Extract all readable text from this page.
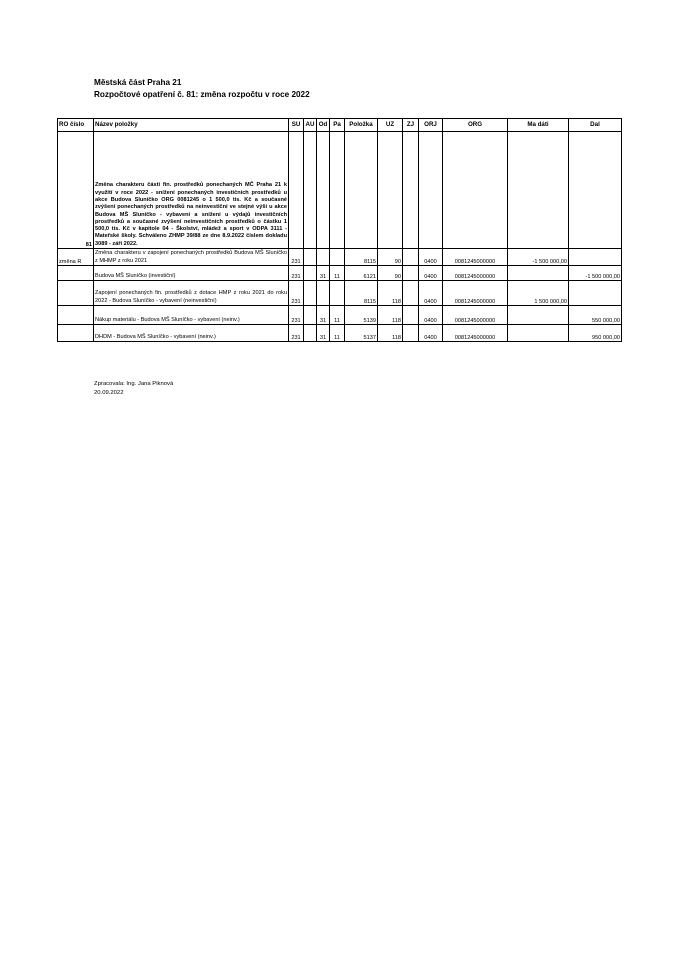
Městská část Praha 21
Rozpočtové opatření č. 81: změna rozpočtu v roce 2022
RO číslo	Název položky	SU	AU	Od	Pa	Položka	UZ	ZJ	ORJ	ORG	Ma dáti	Dal
81	Změna charakteru části fin. prostředků ponechaných MČ Praha 21 k využití v roce 2022 - snížení ponechaných investičních prostředků u akce Budova Sluníčko ORG 0081245 o 1 500,0 tis. Kč a současné zvýšení ponechaných prostředků na neinvestiční ve stejné výši u akce Budova MŠ Sluníčko - vybavení a snížení u výdajů investičních prostředků a současné zvýšení neinvestičních prostředků o částku 1 500,0 tis. Kč v kapitole 04 - Školství, mládež a sport v ODPA 3111 - Mateřské školy. Schváleno ZHMP 39/88 ze dne 8.9.2022 číslem dokladu 3089 - září 2022.											
změna R	Změna charakteru v zapojení ponechaných prostředků Budova MŠ Sluníčko z MHMP z roku 2021	231				8115	90		0400	0081245000000	-1 500 000,00	
	Budova MŠ Sluníčko (investiční)	231		31	11	6121	90		0400	0081245000000		-1 500 000,00
	Zapojení ponechaných fin. prostředků z dotace HMP z roku 2021 do roku 2022 - Budova Sluníčko - vybavení (neinvestiční)	231				8115	118		0400	0081245000000	1 500 000,00	
	Nákup materiálu - Budova MŠ Sluníčko - vybavení (neinv.)	231		31	11	5139	118		0400	0081245000000		550 000,00
	DHDM - Budova MŠ Sluníčko - vybavení (neinv.)	231		31	11	5137	118		0400	0081245000000		950 000,00
Zpracovala: Ing. Jana Piknová
20.09.2022
